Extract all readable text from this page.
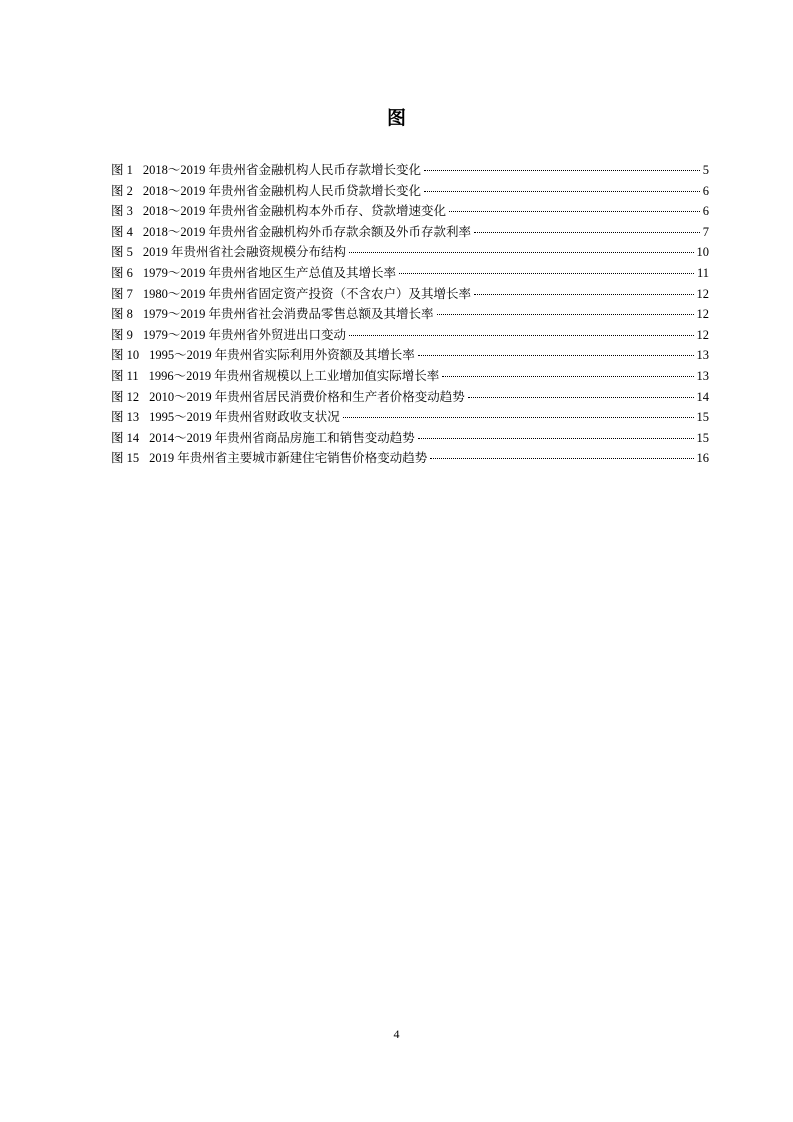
图
图 1 2018～2019 年贵州省金融机构人民币存款增长变化	5
图 2 2018～2019 年贵州省金融机构人民币贷款增长变化	6
图 3 2018～2019 年贵州省金融机构本外币存、贷款增速变化	6
图 4 2018～2019 年贵州省金融机构外币存款余额及外币存款利率	7
图 5 2019 年贵州省社会融资规模分布结构	10
图 6 1979～2019 年贵州省地区生产总值及其增长率	11
图 7 1980～2019 年贵州省固定资产投资（不含农户）及其增长率	12
图 8 1979～2019 年贵州省社会消费品零售总额及其增长率	12
图 9 1979～2019 年贵州省外贸进出口变动	12
图 10 1995～2019 年贵州省实际利用外资额及其增长率	13
图 11 1996～2019 年贵州省规模以上工业增加值实际增长率	13
图 12 2010～2019 年贵州省居民消费价格和生产者价格变动趋势	14
图 13 1995～2019 年贵州省财政收支状况	15
图 14 2014～2019 年贵州省商品房施工和销售变动趋势	15
图 15 2019 年贵州省主要城市新建住宅销售价格变动趋势	16
4
